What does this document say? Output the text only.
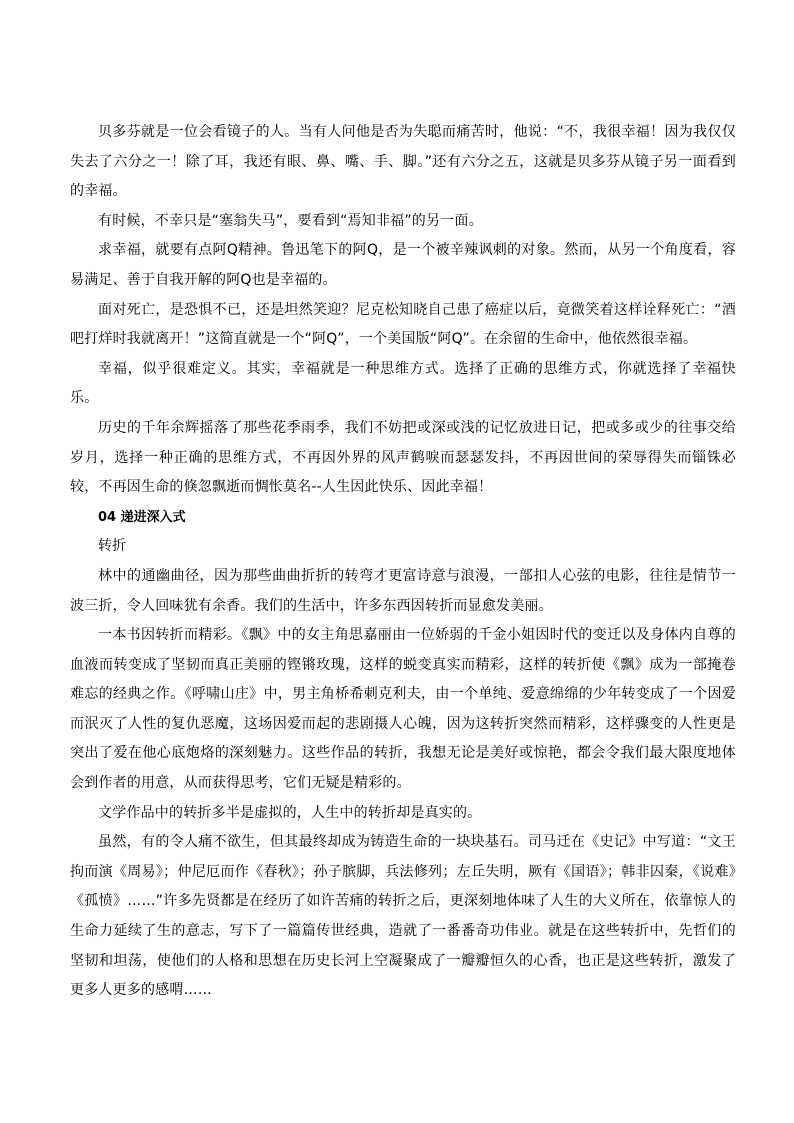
贝多芬就是一位会看镜子的人。当有人问他是否为失聪而痛苦时，他说：“不，我很幸福！因为我仅仅失去了六分之一！除了耳，我还有眼、鼻、嘴、手、脚。”还有六分之五，这就是贝多芬从镜子另一面看到的幸福。

有时候，不幸只是“塞翁失马”，要看到“焉知非福”的另一面。

求幸福，就要有点阿Q精神。鲁迅笔下的阿Q，是一个被辛辣讽刺的对象。然而，从另一个角度看，容易满足、善于自我开解的阿Q也是幸福的。

面对死亡，是恐惧不已，还是坦然笑迎？尼克松知晓自己患了癌症以后，竟微笑着这样诠释死亡：“酒吧打烊时我就离开！”这简直就是一个“阿Q”，一个美国版“阿Q”。在余留的生命中，他依然很幸福。

幸福，似乎很难定义。其实，幸福就是一种思维方式。选择了正确的思维方式，你就选择了幸福快乐。

历史的千年余辉摇落了那些花季雨季，我们不妨把或深或浅的记忆放进日记，把或多或少的往事交给岁月，选择一种正确的思维方式，不再因外界的风声鹤唳而瑟瑟发抖，不再因世间的荣辱得失而锱铢必较，不再因生命的倏忽飘逝而惆怅莫名--人生因此快乐、因此幸福！

04 递进深入式

转折

林中的通幽曲径，因为那些曲曲折折的转弯才更富诗意与浪漫，一部扣人心弦的电影，往往是情节一波三折，令人回味犹有余香。我们的生活中，许多东西因转折而显愈发美丽。

一本书因转折而精彩。《飘》中的女主角思嘉丽由一位娇弱的千金小姐因时代的变迁以及身体内自尊的血液而转变成了坚韧而真正美丽的铿锵玫瑰，这样的蜕变真实而精彩，这样的转折使《飘》成为一部掩卷难忘的经典之作。《呼啸山庄》中，男主角桥希刺克利夫，由一个单纯、爱意绵绵的少年转变成了一个因爱而泯灭了人性的复仇恶魔，这场因爱而起的悲剧摄人心魄，因为这转折突然而精彩，这样骤变的人性更是突出了爱在他心底炮烙的深刻魅力。这些作品的转折，我想无论是美好或惊艳，都会令我们最大限度地体会到作者的用意，从而获得思考，它们无疑是精彩的。

文学作品中的转折多半是虚拟的，人生中的转折却是真实的。

虽然，有的令人痛不欲生，但其最终却成为铸造生命的一块块基石。司马迁在《史记》中写道：“文王拘而演《周易》；仲尼厄而作《春秋》；孙子膑脚，兵法修列；左丘失明，厥有《国语》；韩非囚秦，《说难》《孤愤》……”许多先贤都是在经历了如许苦痛的转折之后，更深刻地体味了人生的大义所在，依靠惊人的生命力延续了生的意志，写下了一篇篇传世经典，造就了一番番奇功伟业。就是在这些转折中，先哲们的坚韧和坦荡，使他们的人格和思想在历史长河上空凝聚成了一瓣瓣恒久的心香，也正是这些转折，激发了更多人更多的感喟……
